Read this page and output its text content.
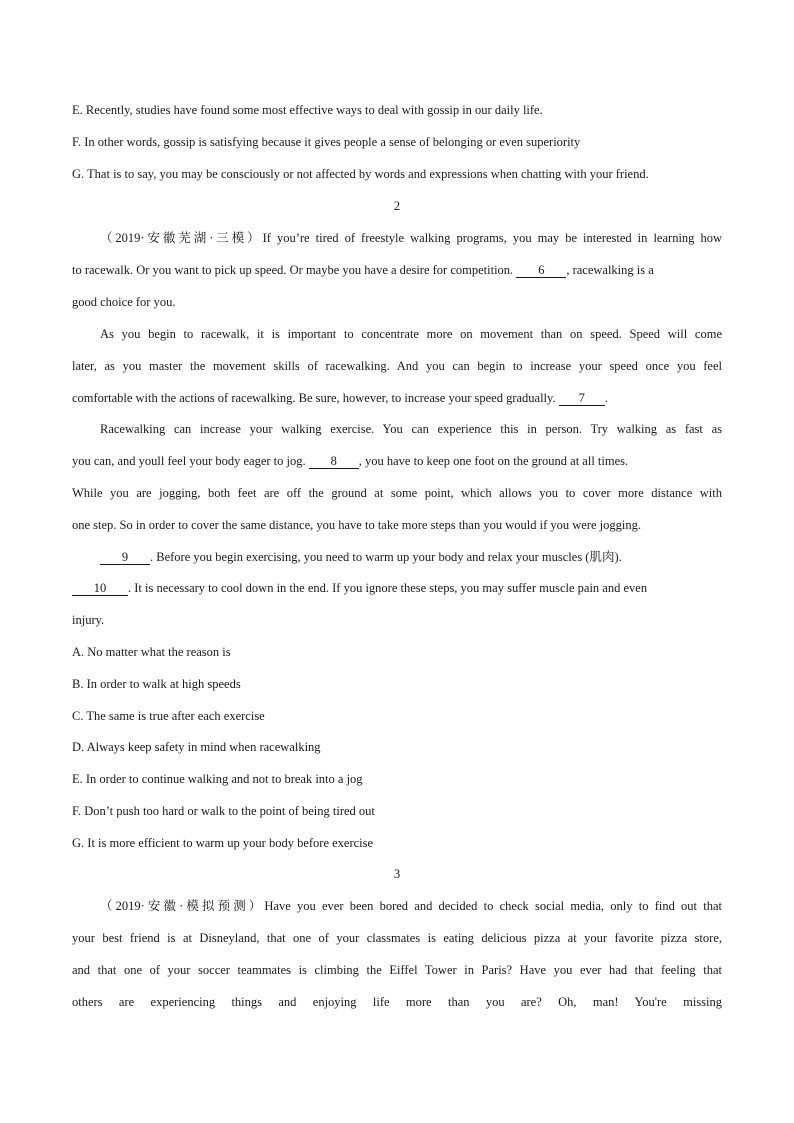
E. Recently, studies have found some most effective ways to deal with gossip in our daily life.
F. In other words, gossip is satisfying because it gives people a sense of belonging or even superiority
G. That is to say, you may be consciously or not affected by words and expressions when chatting with your friend.
2
（2019·安徽芜湖·三模）If you’re tired of freestyle walking programs, you may be interested in learning how
to racewalk. Or you want to pick up speed. Or maybe you have a desire for competition. 6 , racewalking is a
good choice for you.
As you begin to racewalk, it is important to concentrate more on movement than on speed. Speed will come
later, as you master the movement skills of racewalking. And you can begin to increase your speed once you feel
comfortable with the actions of racewalking. Be sure, however, to increase your speed gradually. 7 .
Racewalking can increase your walking exercise. You can experience this in person. Try walking as fast as
you can, and youll feel your body eager to jog. 8 , you have to keep one foot on the ground at all times.
While you are jogging, both feet are off the ground at some point, which allows you to cover more distance with
one step. So in order to cover the same distance, you have to take more steps than you would if you were jogging.
9 . Before you begin exercising, you need to warm up your body and relax your muscles (肌肉).
10 . It is necessary to cool down in the end. If you ignore these steps, you may suffer muscle pain and even
injury.
A. No matter what the reason is
B. In order to walk at high speeds
C. The same is true after each exercise
D. Always keep safety in mind when racewalking
E. In order to continue walking and not to break into a jog
F. Don’t push too hard or walk to the point of being tired out
G. It is more efficient to warm up your body before exercise
3
（2019·安徽·模拟预测）Have you ever been bored and decided to check social media, only to find out that
your best friend is at Disneyland, that one of your classmates is eating delicious pizza at your favorite pizza store,
and that one of your soccer teammates is climbing the Eiffel Tower in Paris? Have you ever had that feeling that
others are experiencing things and enjoying life more than you are? Oh, man! You're missing
